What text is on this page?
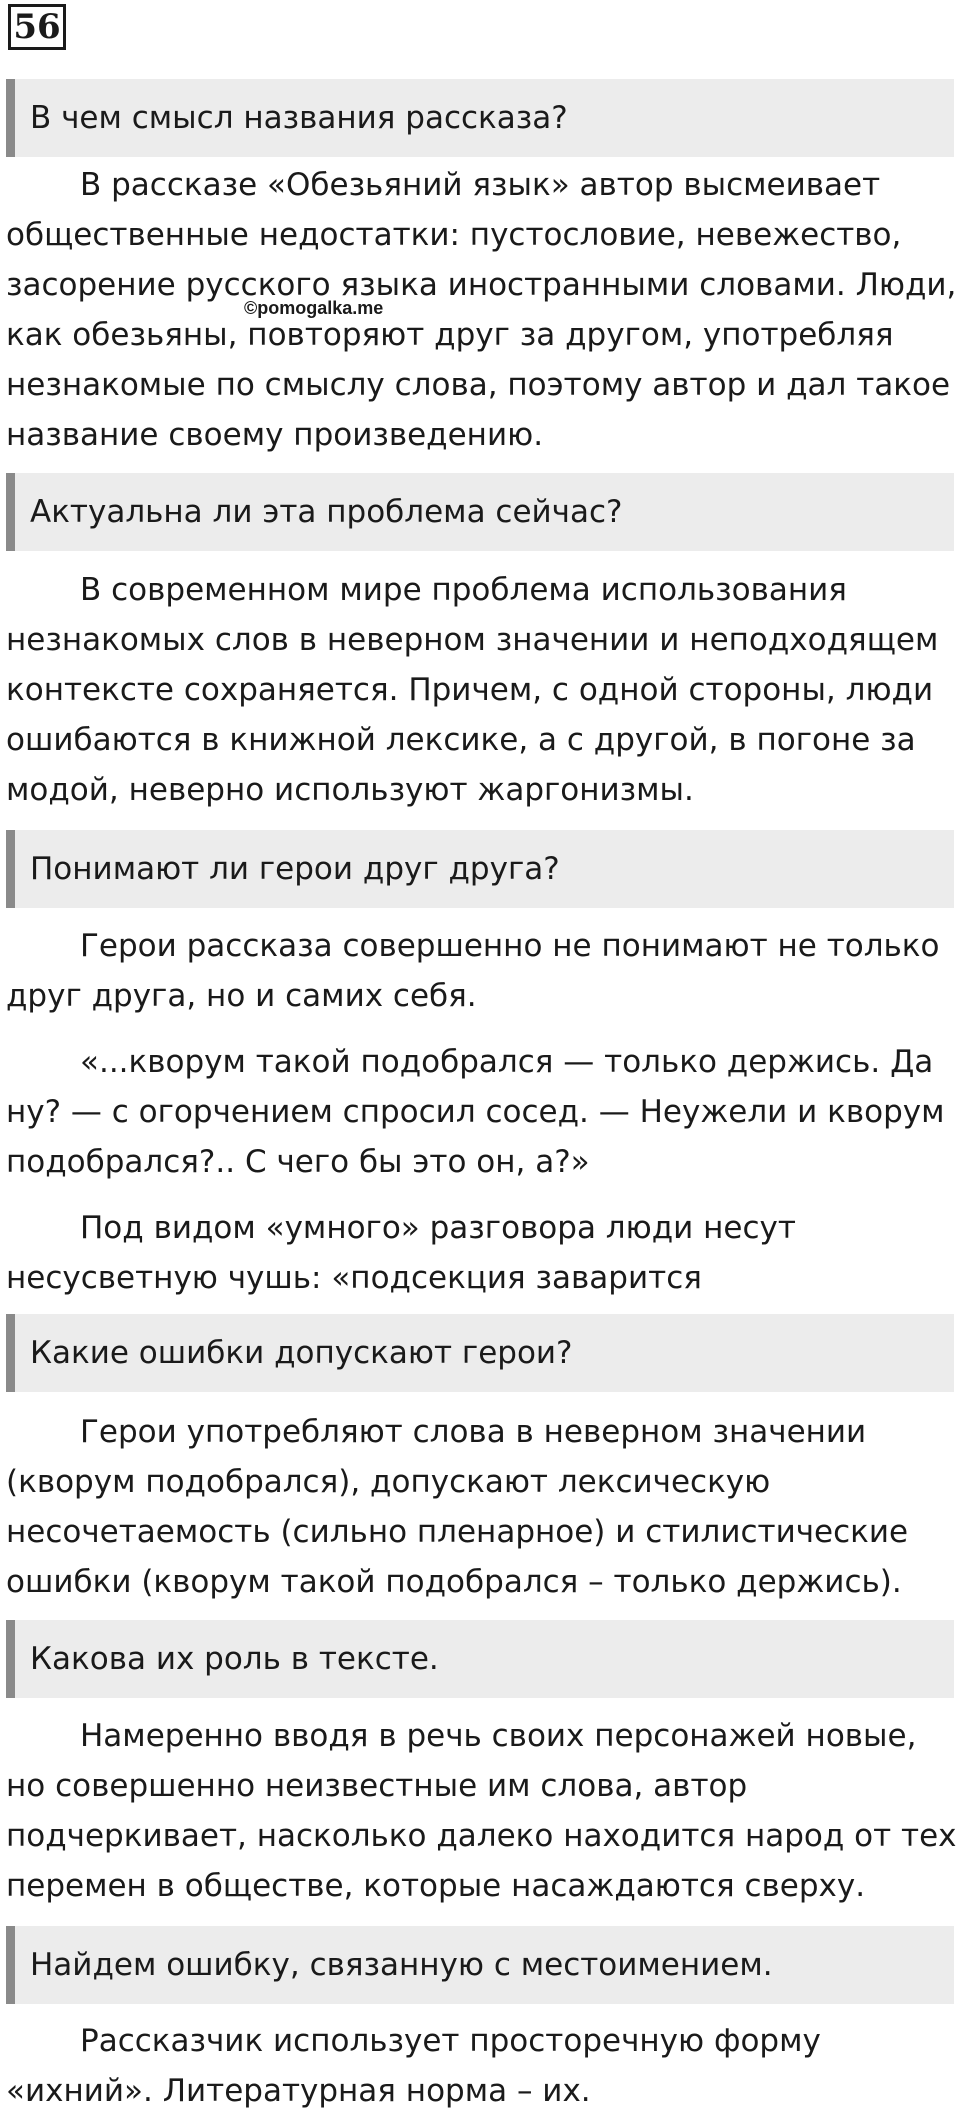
56
В чем смысл названия рассказа?

В рассказе «Обезьяний язык» автор высмеивает
общественные недостатки: пустословие, невежество,
засорение русского языка иностранными словами. Люди,
как обезьяны, повторяют друг за другом, употребляя
незнакомые по смыслу слова, поэтому автор и дал такое
название своему произведению.

©pomogalka.me
Актуальна ли эта проблема сейчас?

В современном мире проблема использования
незнакомых слов в неверном значении и неподходящем
контексте сохраняется. Причем, с одной стороны, люди
ошибаются в книжной лексике, а с другой, в погоне за
модой, неверно используют жаргонизмы.

Понимают ли герои друг друга?

Герои рассказа совершенно не понимают не только
друг друга, но и самих себя.

«...кворум такой подобрался — только держись. Да
ну? — с огорчением спросил сосед. — Неужели и кворум
подобрался?.. С чего бы это он, а?»

Под видом «умного» разговора люди несут
несусветную чушь: «подсекция заварится

Какие ошибки допускают герои?

Герои употребляют слова в неверном значении
(кворум подобрался), допускают лексическую
несочетаемость (сильно пленарное) и стилистические
ошибки (кворум такой подобрался – только держись).

Какова их роль в тексте.

Намеренно вводя в речь своих персонажей новые,
но совершенно неизвестные им слова, автор
подчеркивает, насколько далеко находится народ от тех
перемен в обществе, которые насаждаются сверху.

Найдем ошибку, связанную с местоимением.

Рассказчик использует просторечную форму
«ихний». Литературная норма – их.
